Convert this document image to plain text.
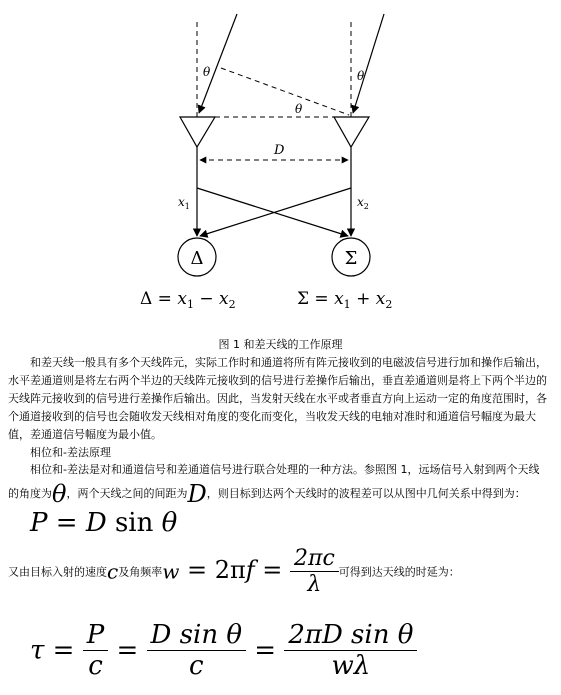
θ	θ
θ
D
$x_1$	$x_2$
Δ	Σ
$\Delta = x_1 - x_2$	$\Sigma = x_1 + x_2$
图 1 和差天线的工作原理

和差天线一般具有多个天线阵元，实际工作时和通道将所有阵元接收到的电磁波信号进行加和操作后输出，水平差通道则是将左右两个半边的天线阵元接收到的信号进行差操作后输出，垂直差通道则是将上下两个半边的天线阵元接收到的信号进行差操作后输出。因此，当发射天线在水平或者垂直方向上运动一定的角度范围时，各个通道接收到的信号也会随收发天线相对角度的变化而变化，当收发天线的电轴对准时和通道信号幅度为最大值，差通道信号幅度为最小值。

相位和-差法原理

相位和-差法是对和通道信号和差通道信号进行联合处理的一种方法。参照图 1，远场信号入射到两个天线

的角度为θ，两个天线之间的间距为D，则目标到达两个天线时的波程差可以从图中几何关系中得到为：
P = D sin θ
又由目标入射的速度c及角频率$w = 2\pi f = \frac{2\pi c}{\lambda}$ 可得到达天线的时延为：
$\tau = \frac{P}{c} = \frac{\text{D sin θ}}{c} = \frac{\text{2πD sin θ}}{w\lambda}$
